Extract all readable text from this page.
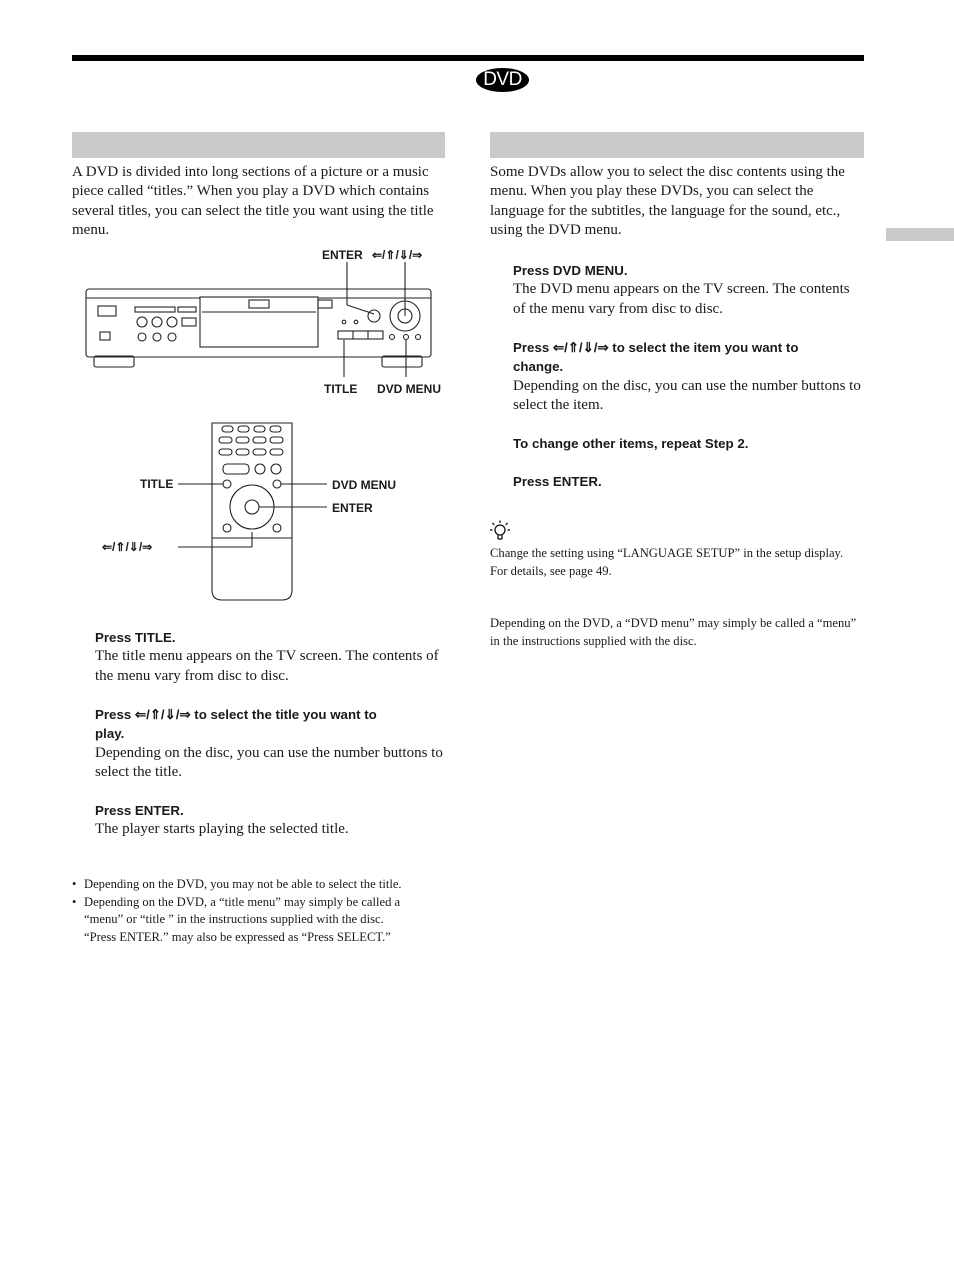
DVD

A DVD is divided into long sections of a picture or a music piece called “titles.” When you play a DVD which contains several titles, you can select the title you want using the title menu.

ENTER ⇐/⇑/⇓/⇒
TITLE DVD MENU
TITLE	DVD MENU
ENTER
⇐/⇑/⇓/⇒

Press TITLE.

The title menu appears on the TV screen. The contents of the menu vary from disc to disc.

Press ⇐/⇑/⇓/⇒ to select the title you want to

play.

Depending on the disc, you can use the number buttons to select the title.

Press ENTER.

The player starts playing the selected title.

• Depending on the DVD, you may not be able to select the title.

• Depending on the DVD, a “title menu” may simply be called a

“menu” or “title ” in the instructions supplied with the disc.

“Press ENTER.” may also be expressed as “Press SELECT.”

Some DVDs allow you to select the disc contents using the menu. When you play these DVDs, you can select the language for the subtitles, the language for the sound, etc., using the DVD menu.

Press DVD MENU.

The DVD menu appears on the TV screen. The contents of the menu vary from disc to disc.

Press ⇐/⇑/⇓/⇒ to select the item you want to

change.

Depending on the disc, you can use the number buttons to select the item.

To change other items, repeat Step 2.

Press ENTER.

Change the setting using “LANGUAGE SETUP” in the setup display. For details, see page 49.

Depending on the DVD, a “DVD menu” may simply be called a “menu” in the instructions supplied with the disc.
